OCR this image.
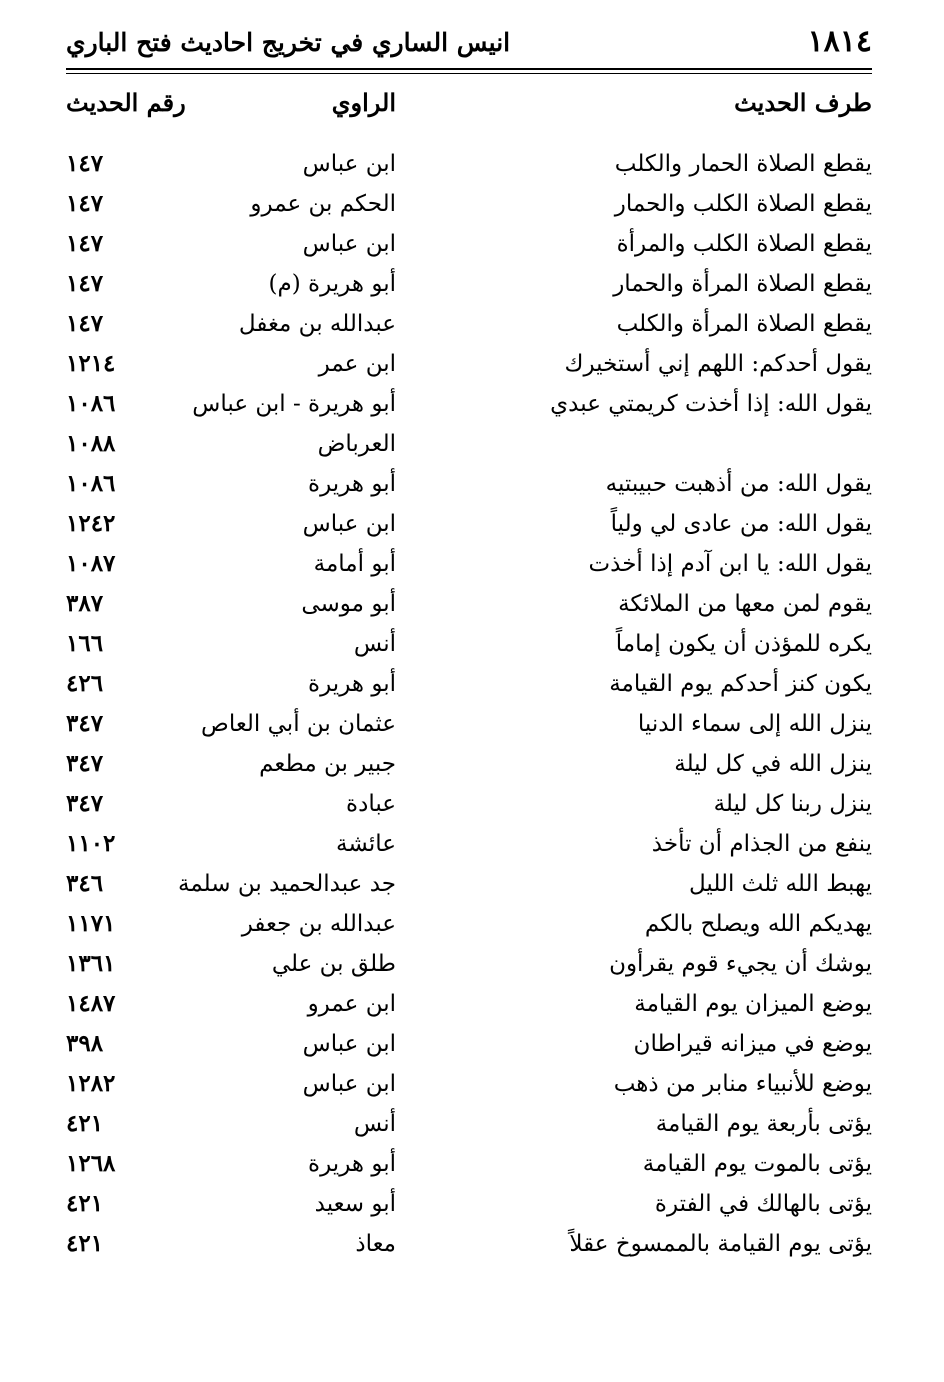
١٨١٤
انيس الساري في تخريج احاديث فتح الباري
طرف الحديث
الراوي
رقم الحديث
يقطع الصلاة الحمار والكلب
ابن عباس
١٤٧
يقطع الصلاة الكلب والحمار
الحكم بن عمرو
١٤٧
يقطع الصلاة الكلب والمرأة
ابن عباس
١٤٧
يقطع الصلاة المرأة والحمار
أبو هريرة (م)
١٤٧
يقطع الصلاة المرأة والكلب
عبدالله بن مغفل
١٤٧
يقول أحدكم: اللهم إني أستخيرك
ابن عمر
١٢١٤
يقول الله: إذا أخذت كريمتي عبدي
أبو هريرة - ابن عباس
١٠٨٦
العرباض
١٠٨٨
يقول الله: من أذهبت حبيبتيه
أبو هريرة
١٠٨٦
يقول الله: من عادى لي ولياً
ابن عباس
١٢٤٢
يقول الله: يا ابن آدم إذا أخذت
أبو أمامة
١٠٨٧
يقوم لمن معها من الملائكة
أبو موسى
٣٨٧
يكره للمؤذن أن يكون إماماً
أنس
١٦٦
يكون كنز أحدكم يوم القيامة
أبو هريرة
٤٢٦
ينزل الله إلى سماء الدنيا
عثمان بن أبي العاص
٣٤٧
ينزل الله في كل ليلة
جبير بن مطعم
٣٤٧
ينزل ربنا كل ليلة
عبادة
٣٤٧
ينفع من الجذام أن تأخذ
عائشة
١١٠٢
يهبط الله ثلث الليل
جد عبدالحميد بن سلمة
٣٤٦
يهديكم الله ويصلح بالكم
عبدالله بن جعفر
١١٧١
يوشك أن يجيء قوم يقرأون
طلق بن علي
١٣٦١
يوضع الميزان يوم القيامة
ابن عمرو
١٤٨٧
يوضع في ميزانه قيراطان
ابن عباس
٣٩٨
يوضع للأنبياء منابر من ذهب
ابن عباس
١٢٨٢
يؤتى بأربعة يوم القيامة
أنس
٤٢١
يؤتى بالموت يوم القيامة
أبو هريرة
١٢٦٨
يؤتى بالهالك في الفترة
أبو سعيد
٤٢١
يؤتى يوم القيامة بالممسوخ عقلاً
معاذ
٤٢١
